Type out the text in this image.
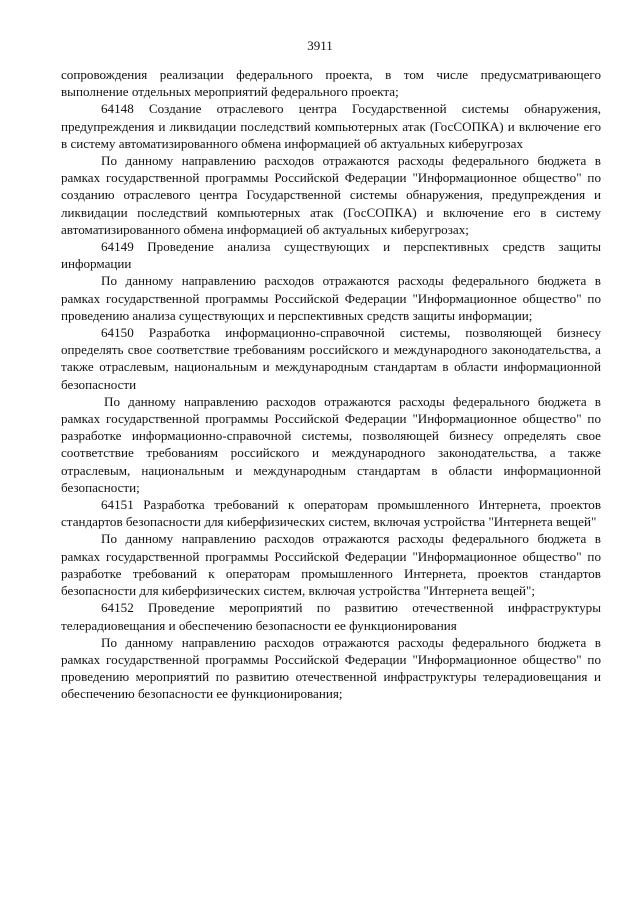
3911

сопровождения реализации федерального проекта, в том числе предусматривающего выполнение отдельных мероприятий федерального проекта;

64148 Создание отраслевого центра Государственной системы обнаружения, предупреждения и ликвидации последствий компьютерных атак (ГосСОПКА) и включение его в систему автоматизированного обмена информацией об актуальных киберугрозах

По данному направлению расходов отражаются расходы федерального бюджета в рамках государственной программы Российской Федерации "Информационное общество" по созданию отраслевого центра Государственной системы обнаружения, предупреждения и ликвидации последствий компьютерных атак (ГосСОПКА) и включение его в систему автоматизированного обмена информацией об актуальных киберугрозах;

64149 Проведение анализа существующих и перспективных средств защиты информации

По данному направлению расходов отражаются расходы федерального бюджета в рамках государственной программы Российской Федерации "Информационное общество" по проведению анализа существующих и перспективных средств защиты информации;

64150 Разработка информационно-справочной системы, позволяющей бизнесу определять свое соответствие требованиям российского и международного законодательства, а также отраслевым, национальным и международным стандартам в области информационной безопасности

По данному направлению расходов отражаются расходы федерального бюджета в рамках государственной программы Российской Федерации "Информационное общество" по разработке информационно-справочной системы, позволяющей бизнесу определять свое соответствие требованиям российского и международного законодательства, а также отраслевым, национальным и международным стандартам в области информационной безопасности;

64151 Разработка требований к операторам промышленного Интернета, проектов стандартов безопасности для киберфизических систем, включая устройства "Интернета вещей"

По данному направлению расходов отражаются расходы федерального бюджета в рамках государственной программы Российской Федерации "Информационное общество" по разработке требований к операторам промышленного Интернета, проектов стандартов безопасности для киберфизических систем, включая устройства "Интернета вещей";

64152 Проведение мероприятий по развитию отечественной инфраструктуры телерадиовещания и обеспечению безопасности ее функционирования

По данному направлению расходов отражаются расходы федерального бюджета в рамках государственной программы Российской Федерации "Информационное общество" по проведению мероприятий по развитию отечественной инфраструктуры телерадиовещания и обеспечению безопасности ее функционирования;
